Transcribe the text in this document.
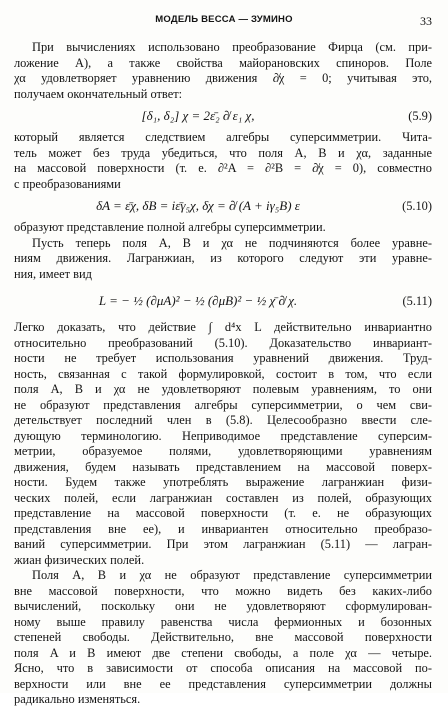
МОДЕЛЬ ВЕССА — ЗУМИНО	33
При вычислениях использовано преобразование Фирца (см. при-
ложение A), а также свойства майорановских спиноров. Поле
χα удовлетворяет уравнению движения ∂̸χ = 0; учитывая это,
получаем окончательный ответ:
[δ₁, δ₂] χ = 2ε̄₂ ∂̸ ε₁ χ,	(5.9)
который является следствием алгебры суперсимметрии. Чита-
тель может без труда убедиться, что поля A, B и χα, заданные
на массовой поверхности (т. е. ∂²A = ∂²B = ∂̸χ = 0), совместно
с преобразованиями
δA = ε̄χ, δB = iε̄γ₅χ, δχ = ∂̸ (A + iγ₅B) ε	(5.10)
образуют представление полной алгебры суперсимметрии.
Пусть теперь поля A, B и χα не подчиняются более уравне-
ниям движения. Лагранжиан, из которого следуют эти уравне-
ния, имеет вид
L = − ½ (∂μA)² − ½ (∂μB)² − ½ χ̄ ∂̸ χ.	(5.11)
Легко доказать, что действие ∫ d⁴x L действительно инвариантно
относительно преобразований (5.10). Доказательство инвариант-
ности не требует использования уравнений движения. Труд-
ность, связанная с такой формулировкой, состоит в том, что если
поля A, B и χα не удовлетворяют полевым уравнениям, то они
не образуют представления алгебры суперсимметрии, о чем сви-
детельствует последний член в (5.8). Целесообразно ввести сле-
дующую терминологию. Неприводимое представление суперсим-
метрии, образуемое полями, удовлетворяющими уравнениям
движения, будем называть представлением на массовой поверх-
ности. Будем также употреблять выражение лагранжиан физи-
ческих полей, если лагранжиан составлен из полей, образующих
представление на массовой поверхности (т. е. не образующих
представления вне ее), и инвариантен относительно преобразо-
ваний суперсимметрии. При этом лагранжиан (5.11) — лагран-
жиан физических полей.
Поля A, B и χα не образуют представление суперсимметрии
вне массовой поверхности, что можно видеть без каких-либо
вычислений, поскольку они не удовлетворяют сформулирован-
ному выше правилу равенства числа фермионных и бозонных
степеней свободы. Действительно, вне массовой поверхности
поля A и B имеют две степени свободы, а поле χα — четыре.
Ясно, что в зависимости от способа описания на массовой по-
верхности или вне ее представления суперсимметрии должны
радикально изменяться.
